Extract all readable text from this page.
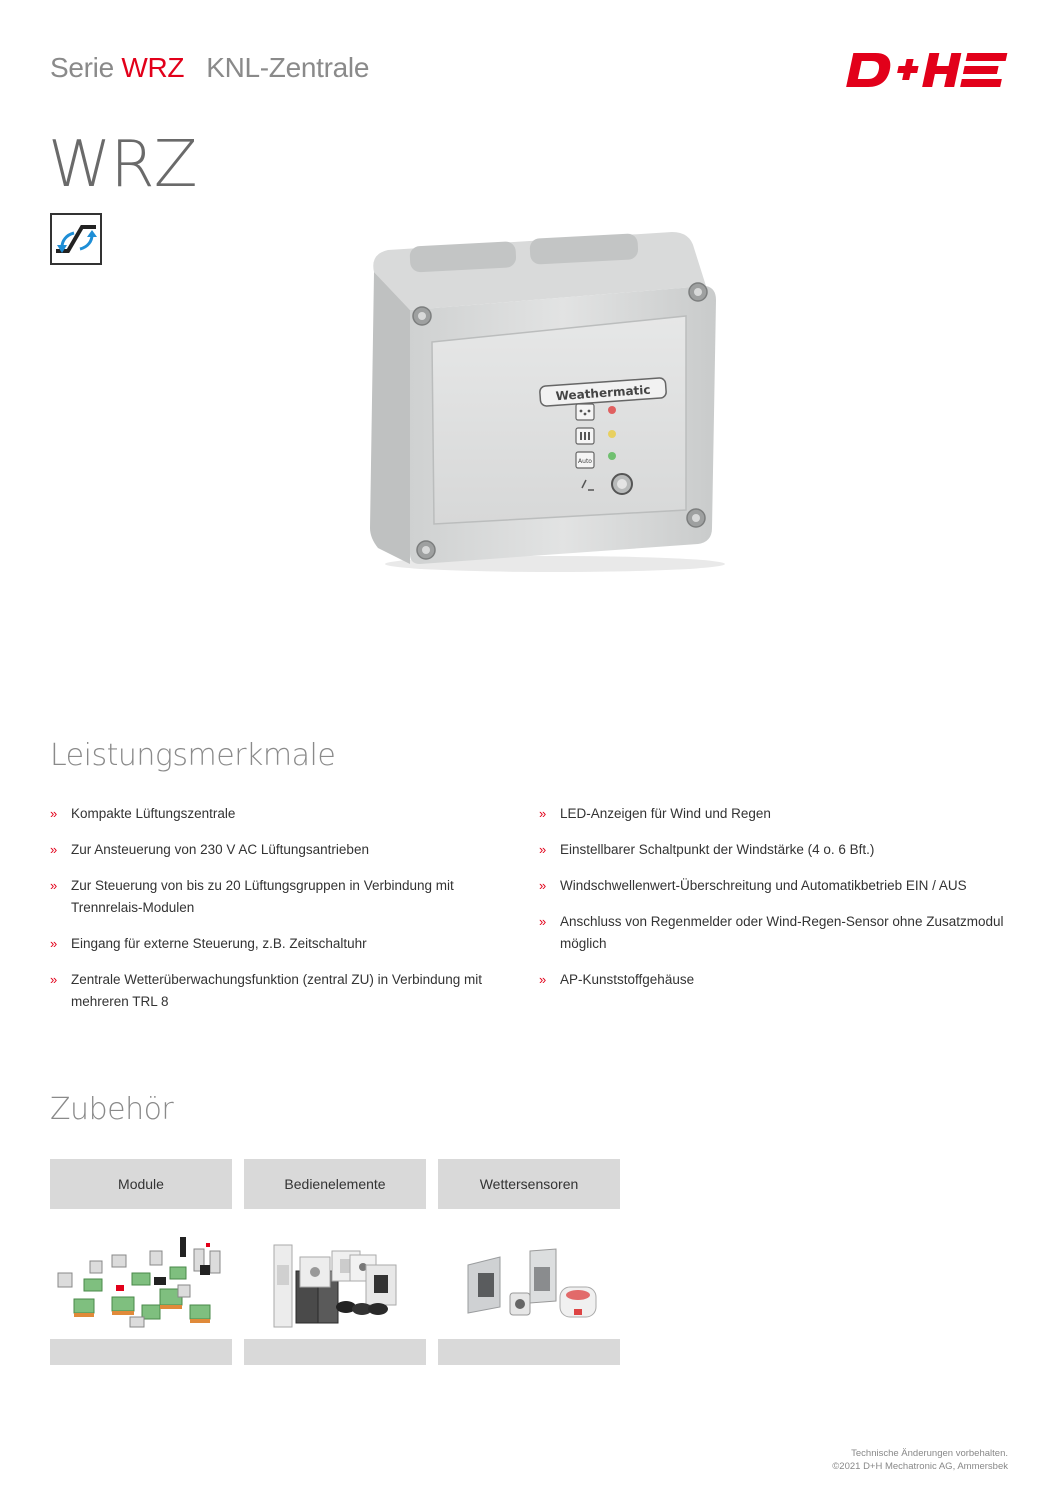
Serie WRZ KNL-Zentrale
WRZ
Weathermatic
Auto
Leistungsmerkmale
» Kompakte Lüftungszentrale
» Zur Ansteuerung von 230 V AC Lüftungsantrieben
» Zur Steuerung von bis zu 20 Lüftungsgruppen in Verbindung mit Trennrelais-Modulen
» Eingang für externe Steuerung, z.B. Zeitschaltuhr
» Zentrale Wetterüberwachungsfunktion (zentral ZU) in Verbindung mit mehreren TRL 8
» LED-Anzeigen für Wind und Regen
» Einstellbarer Schaltpunkt der Windstärke (4 o. 6 Bft.)
» Windschwellenwert-Überschreitung und Automatikbetrieb EIN / AUS
» Anschluss von Regenmelder oder Wind-Regen-Sensor ohne Zusatzmodul möglich
» AP-Kunststoffgehäuse
Zubehör
Module	Bedienelemente	Wettersensoren
Technische Änderungen vorbehalten.
©2021 D+H Mechatronic AG, Ammersbek
